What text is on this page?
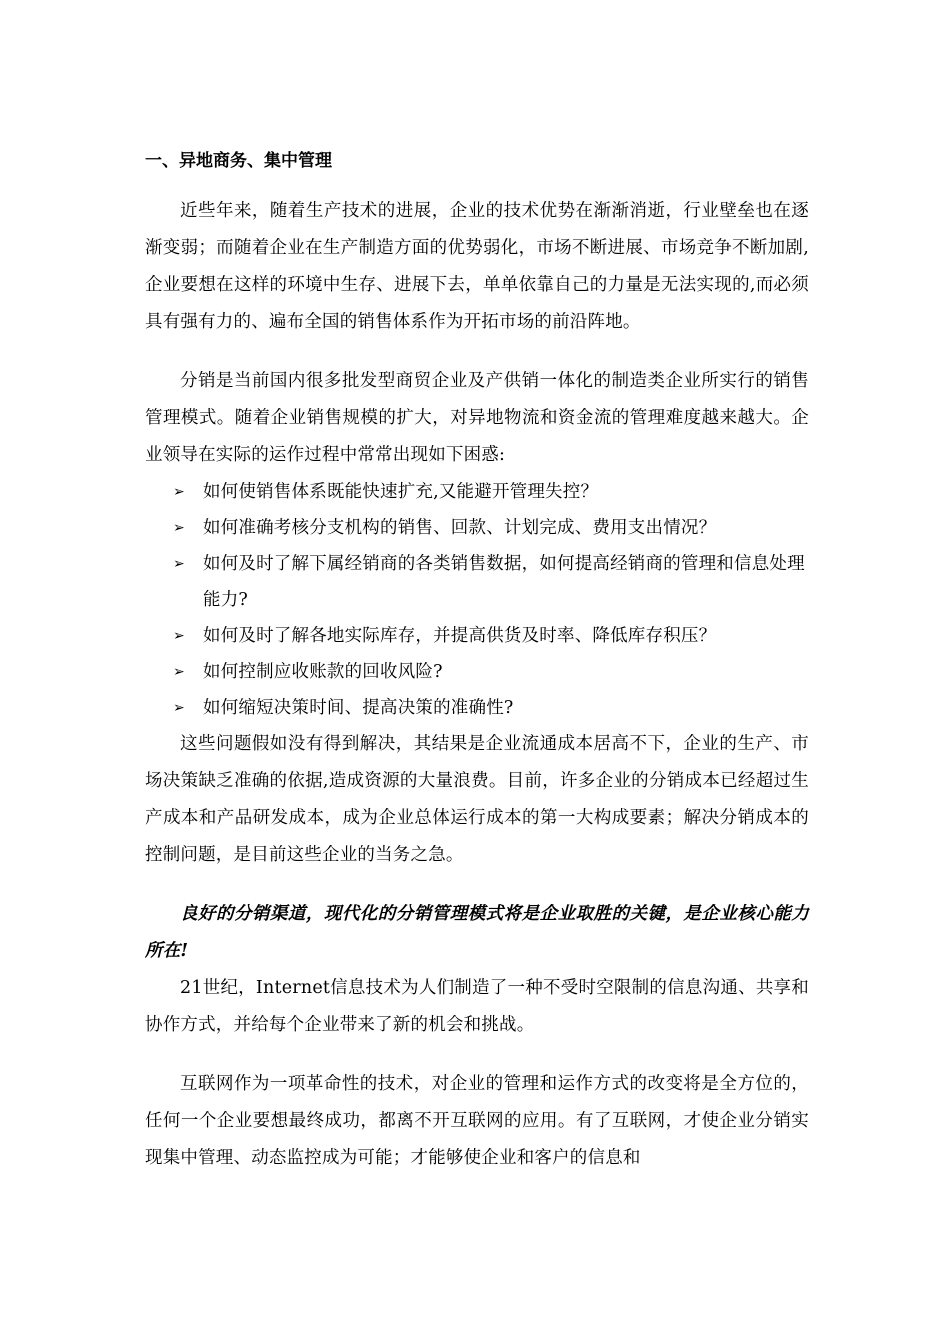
一、异地商务、集中管理

近些年来，随着生产技术的进展，企业的技术优势在渐渐消逝，行业壁垒也在逐渐变弱；而随着企业在生产制造方面的优势弱化，市场不断进展、市场竞争不断加剧,企业要想在这样的环境中生存、进展下去，单单依靠自己的力量是无法实现的,而必须具有强有力的、遍布全国的销售体系作为开拓市场的前沿阵地。

分销是当前国内很多批发型商贸企业及产供销一体化的制造类企业所实行的销售管理模式。随着企业销售规模的扩大，对异地物流和资金流的管理难度越来越大。企业领导在实际的运作过程中常常出现如下困惑:

➢ 如何使销售体系既能快速扩充,又能避开管理失控？
➢ 如何准确考核分支机构的销售、回款、计划完成、费用支出情况？
➢ 如何及时了解下属经销商的各类销售数据，如何提高经销商的管理和信息处理能力?
➢ 如何及时了解各地实际库存，并提高供货及时率、降低库存积压？
➢ 如何控制应收账款的回收风险?
➢ 如何缩短决策时间、提高决策的准确性?

这些问题假如没有得到解决，其结果是企业流通成本居高不下，企业的生产、市场决策缺乏准确的依据,造成资源的大量浪费。目前，许多企业的分销成本已经超过生产成本和产品研发成本，成为企业总体运行成本的第一大构成要素；解决分销成本的控制问题，是目前这些企业的当务之急。

良好的分销渠道，现代化的分销管理模式将是企业取胜的关键，是企业核心能力所在!

21世纪，Internet信息技术为人们制造了一种不受时空限制的信息沟通、共享和协作方式，并给每个企业带来了新的机会和挑战。

互联网作为一项革命性的技术，对企业的管理和运作方式的改变将是全方位的，任何一个企业要想最终成功，都离不开互联网的应用。有了互联网，才使企业分销实现集中管理、动态监控成为可能；才能够使企业和客户的信息和
